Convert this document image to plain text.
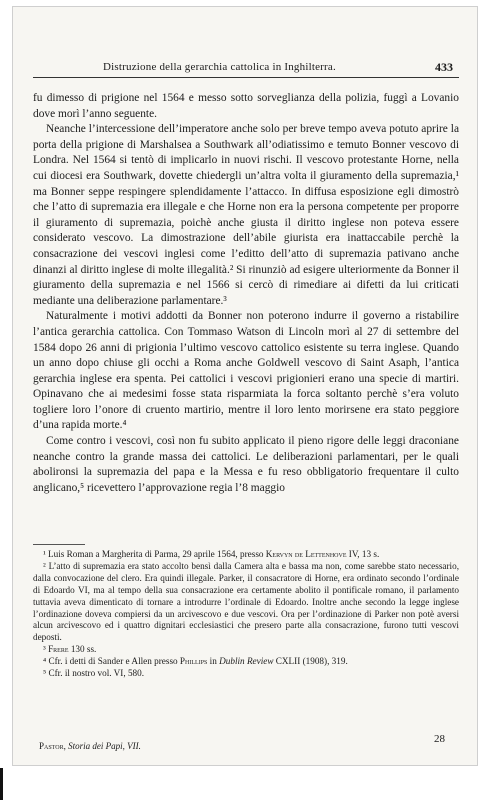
Distruzione della gerarchia cattolica in Inghilterra.	433

fu dimesso di prigione nel 1564 e messo sotto sorveglianza della polizia, fuggì a Lovanio dove morì l’anno seguente.

Neanche l’intercessione dell’imperatore anche solo per breve tempo aveva potuto aprire la porta della prigione di Marshalsea a Southwark all’odiatissimo e temuto Bonner vescovo di Londra. Nel 1564 si tentò di implicarlo in nuovi rischi. Il vescovo protestante Horne, nella cui diocesi era Southwark, dovette chiedergli un’altra volta il giuramento della supremazia,¹ ma Bonner seppe respingere splendidamente l’attacco. In diffusa esposizione egli dimostrò che l’atto di supremazia era illegale e che Horne non era la persona competente per proporre il giuramento di supremazia, poichè anche giusta il diritto inglese non poteva essere considerato vescovo. La dimostrazione dell’abile giurista era inattaccabile perchè la consacrazione dei vescovi inglesi come l’editto dell’atto di supremazia pativano anche dinanzi al diritto inglese di molte illegalità.² Si rinunziò ad esigere ulteriormente da Bonner il giuramento della supremazia e nel 1566 si cercò di rimediare ai difetti da lui criticati mediante una deliberazione parlamentare.³

Naturalmente i motivi addotti da Bonner non poterono indurre il governo a ristabilire l’antica gerarchia cattolica. Con Tommaso Watson di Lincoln morì al 27 di settembre del 1584 dopo 26 anni di prigionia l’ultimo vescovo cattolico esistente su terra inglese. Quando un anno dopo chiuse gli occhi a Roma anche Goldwell vescovo di Saint Asaph, l’antica gerarchia inglese era spenta. Pei cattolici i vescovi prigionieri erano una specie di martiri. Opinavano che ai medesimi fosse stata risparmiata la forca soltanto perchè s’era voluto togliere loro l’onore di cruento martirio, mentre il loro lento morirsene era stato peggiore d’una rapida morte.⁴

Come contro i vescovi, così non fu subito applicato il pieno rigore delle leggi draconiane neanche contro la grande massa dei cattolici. Le deliberazioni parlamentari, per le quali abolironsi la supremazia del papa e la Messa e fu reso obbligatorio frequentare il culto anglicano,⁵ ricevettero l’approvazione regia l’8 maggio

¹ Luis Roman a Margherita di Parma, 29 aprile 1564, presso Kervyn de Lettenhove IV, 13 s.

² L’atto di supremazia era stato accolto bensì dalla Camera alta e bassa ma non, come sarebbe stato necessario, dalla convocazione del clero. Era quindi illegale. Parker, il consacratore di Horne, era ordinato secondo l’ordinale di Edoardo VI, ma al tempo della sua consacrazione era certamente abolito il pontificale romano, il parlamento tuttavia aveva dimenticato di tornare a introdurre l’ordinale di Edoardo. Inoltre anche secondo la legge inglese l’ordinazione doveva compiersi da un arcivescovo e due vescovi. Ora per l’ordinazione di Parker non potè aversi alcun arcivescovo ed i quattro dignitari ecclesiastici che presero parte alla consacrazione, furono tutti vescovi deposti.

³ Frere 130 ss.

⁴ Cfr. i detti di Sander e Allen presso Phillips in Dublin Review CXLII (1908), 319.

⁵ Cfr. il nostro vol. VI, 580.

Pastor, Storia dei Papi, VII.
28
